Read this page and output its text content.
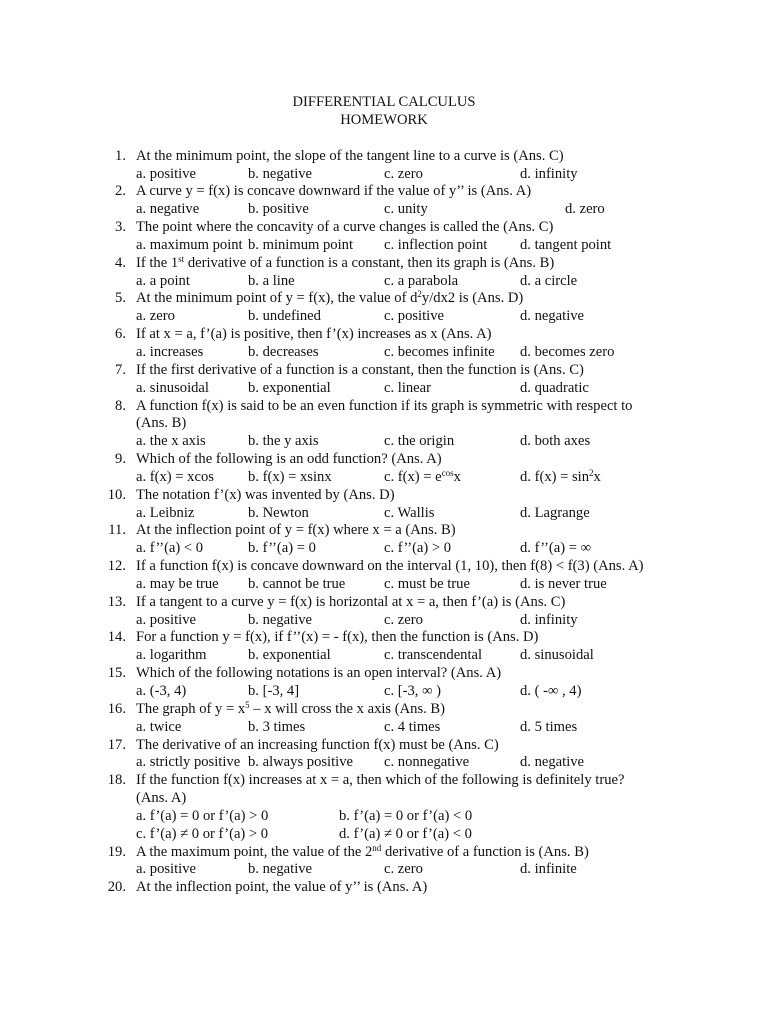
DIFFERENTIAL CALCULUS
HOMEWORK
1. At the minimum point, the slope of the tangent line to a curve is (Ans. C)
a. positive	b. negative	c. zero	d. infinity
2. A curve y = f(x) is concave downward if the value of y’’ is (Ans. A)
a. negative	b. positive	c. unity	d. zero
3. The point where the concavity of a curve changes is called the (Ans. C)
a. maximum point b. minimum point c. inflection point d. tangent point
4. If the 1st derivative of a function is a constant, then its graph is (Ans. B)
a. a point	b. a line	c. a parabola	d. a circle
5. At the minimum point of y = f(x), the value of $d^2y/dx2$ is (Ans. D)
a. zero	b. undefined	c. positive	d. negative
6. If at x = a, f’(a) is positive, then f’(x) increases as x (Ans. A)
a. increases	b. decreases	c. becomes infinite d. becomes zero
7. If the first derivative of a function is a constant, then the function is (Ans. C)
a. sinusoidal	b. exponential	c. linear	d. quadratic
8. A function f(x) is said to be an even function if its graph is symmetric with respect to (Ans. B)
a. the x axis	b. the y axis	c. the origin	d. both axes
9. Which of the following is an odd function? (Ans. A)
a. f(x) = xcos b. f(x) = xsinx	c. $f(x) = e^{cos}x$	d. $f(x) = \sin^2x$
10. The notation f’(x) was invented by (Ans. D)
a. Leibniz	b. Newton	c. Wallis	d. Lagrange
11. At the inflection point of y = f(x) where x = a (Ans. B)
a. f’’(a) < 0	b. f’’(a) = 0	c. f’’(a) > 0	d. f’’(a) = ∞
12. If a function f(x) is concave downward on the interval (1, 10), then f(8) < f(3) (Ans. A)
a. may be true b. cannot be true	c. must be true	d. is never true
13. If a tangent to a curve y = f(x) is horizontal at x = a, then f’(a) is (Ans. C)
a. positive	b. negative	c. zero	d. infinity
14. For a function y = f(x), if f’’(x) = - f(x), then the function is (Ans. D)
a. logarithm	b. exponential	c. transcendental	d. sinusoidal
15. Which of the following notations is an open interval? (Ans. A)
a. (-3, 4)	b. [-3, 4]	c. [-3, ∞ )	d. ( -∞ , 4)
16. The graph of $y = x^5 - x$ will cross the x axis (Ans. B)
a. twice	b. 3 times	c. 4 times	d. 5 times
17. The derivative of an increasing function f(x) must be (Ans. C)
a. strictly positive b. always positive c. nonnegative	d. negative
18. If the function f(x) increases at x = a, then which of the following is definitely true? (Ans. A)
a. f’(a) = 0 or f’(a) > 0	b. f’(a) = 0 or f’(a) < 0
c. f’(a) ≠ 0 or f’(a) > 0	d. f’(a) ≠ 0 or f’(a) < 0
19. A the maximum point, the value of the 2nd derivative of a function is (Ans. B)
a. positive	b. negative	c. zero	d. infinite
20. At the inflection point, the value of y’’ is (Ans. A)
